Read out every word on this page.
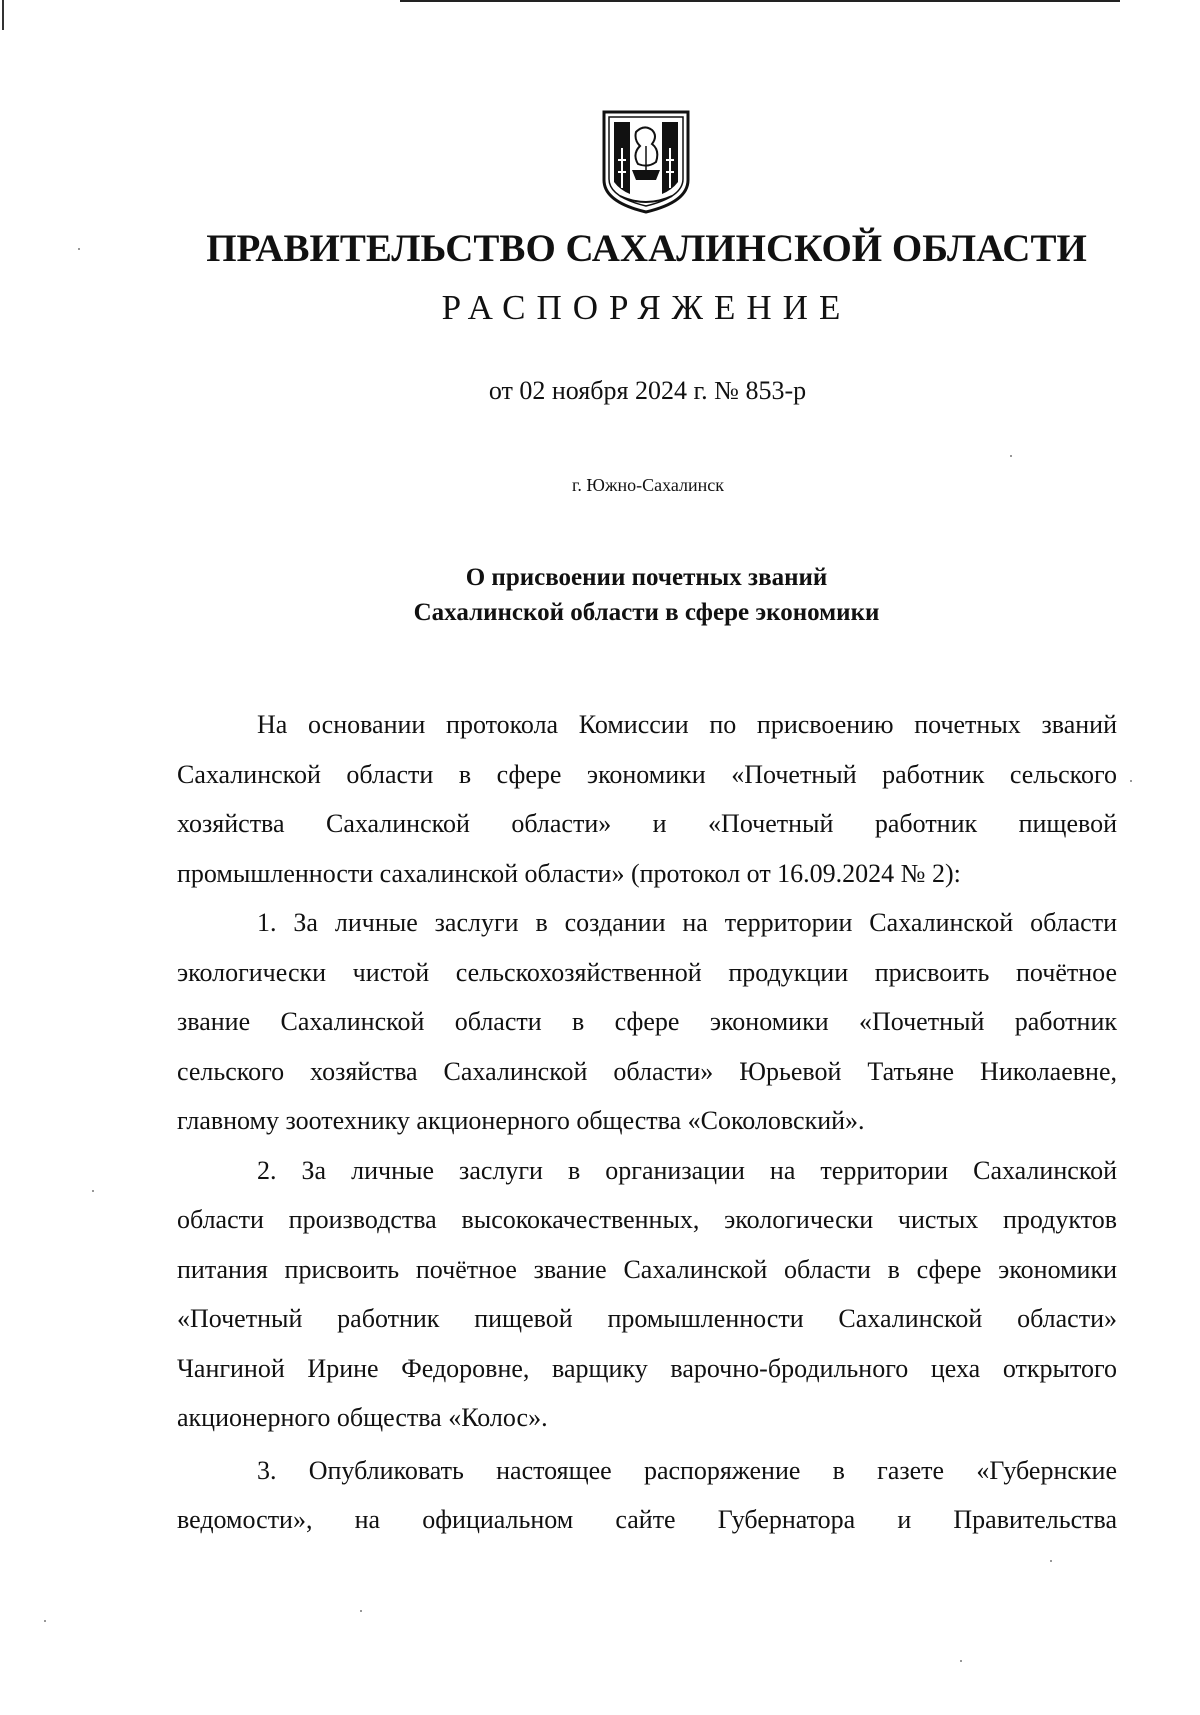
ПРАВИТЕЛЬСТВО САХАЛИНСКОЙ ОБЛАСТИ
РАСПОРЯЖЕНИЕ
от 02 ноября 2024 г. № 853-р
г. Южно-Сахалинск
О присвоении почетных званий
Сахалинской области в сфере экономики
На основании протокола Комиссии по присвоению почетных званий
Сахалинской области в сфере экономики «Почетный работник сельского
хозяйства Сахалинской области» и «Почетный работник пищевой
промышленности сахалинской области» (протокол от 16.09.2024 № 2):
1. За личные заслуги в создании на территории Сахалинской области
экологически чистой сельскохозяйственной продукции присвоить почётное
звание Сахалинской области в сфере экономики «Почетный работник
сельского хозяйства Сахалинской области» Юрьевой Татьяне Николаевне,
главному зоотехнику акционерного общества «Соколовский».
2. За личные заслуги в организации на территории Сахалинской
области производства высококачественных, экологически чистых продуктов
питания присвоить почётное звание Сахалинской области в сфере экономики
«Почетный работник пищевой промышленности Сахалинской области»
Чангиной Ирине Федоровне, варщику варочно-бродильного цеха открытого
акционерного общества «Колос».
3. Опубликовать настоящее распоряжение в газете «Губернские
ведомости», на официальном сайте Губернатора и Правительства
